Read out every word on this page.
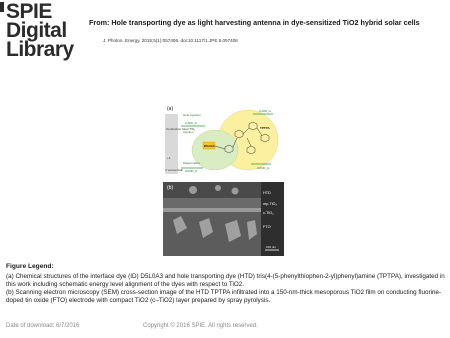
SPIE
Digital
Library
From: Hole transporting dye as light harvesting antenna in dye-sensitized TiO2 hybrid solar cells
J. Photon. Energy. 2015;5(1):057406. doi:10.1117/1.JPE.5.057406
(a)
Conduction band TiO₂
+1
V versus NHE
Hole injection
LUMO_D
Injection
Regeneration
HOMO_D
D5L0A3
TPTPA
LUMO_H
HOMO_H
(b)
HTD
mp-TiO₂
c-TiO₂
FTO
100 nm
Figure Legend:

(a) Chemical structures of the interface dye (ID) D5L0A3 and hole transporting dye (HTD) tris(4-(5-phenylthiophen-2-yl)phenyl)amine (TPTPA), investigated in this work including schematic energy level alignment of the dyes with respect to TiO2.

(b) Scanning electron microscopy (SEM) cross-section image of the HTD TPTPA infiltrated into a 150-nm-thick mesoporous TiO2 film on conducting fluorine-doped tin oxide (FTO) electrode with compact TiO2 (c–TiO2) layer prepared by spray pyrolysis.

Date of download: 6/7/2016	Copyright © 2016 SPIE. All rights reserved.
